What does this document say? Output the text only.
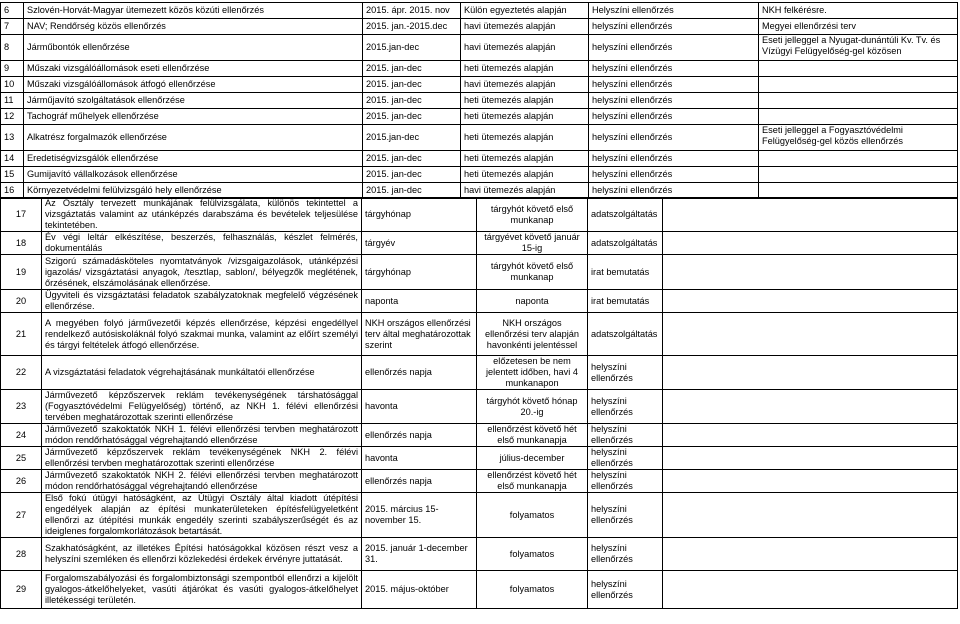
6	Szlovén-Horvát-Magyar ütemezett közös közúti ellenőrzés	2015. ápr. 2015. nov	Külön egyeztetés alapján	Helyszíni ellenőrzés	NKH felkérésre.
7	NAV; Rendőrség közös ellenőrzés	2015. jan.-2015.dec	havi ütemezés alapján	helyszíni ellenőrzés	Megyei ellenőrzési terv
8	Járműbontók ellenőrzése	2015.jan-dec	havi ütemezés alapján	helyszíni ellenőrzés	Eseti jelleggel a Nyugat-dunántúli Kv. Tv. és Vízügyi Felügyelőség-gel közösen
9	Műszaki vizsgálóállomások eseti ellenőrzése	2015. jan-dec	heti ütemezés alapján	helyszíni ellenőrzés	
10	Műszaki vizsgálóállomások átfogó ellenőrzése	2015. jan-dec	havi ütemezés alapján	helyszíni ellenőrzés	
11	Járműjavító szolgáltatások ellenőrzése	2015. jan-dec	heti ütemezés alapján	helyszíni ellenőrzés	
12	Tachográf műhelyek ellenőrzése	2015. jan-dec	heti ütemezés alapján	helyszíni ellenőrzés	
13	Alkatrész forgalmazók ellenőrzése	2015.jan-dec	heti ütemezés alapján	helyszíni ellenőrzés	Eseti jelleggel a Fogyasztóvédelmi Felügyelőség-gel közös ellenőrzés
14	Eredetiségvizsgálók ellenőrzése	2015. jan-dec	heti ütemezés alapján	helyszíni ellenőrzés	
15	Gumijavító vállalkozások ellenőrzése	2015. jan-dec	heti ütemezés alapján	helyszíni ellenőrzés	
16	Környezetvédelmi felülvizsgáló hely ellenőrzése	2015. jan-dec	havi ütemezés alapján	helyszíni ellenőrzés	
17	Az Osztály tervezett munkájának felülvizsgálata, különös tekintettel a vizsgáztatás valamint az utánképzés darabszáma és bevételek teljesülése tekintetében.	tárgyhónap	tárgyhót követő első munkanap	adatszolgáltatás	
18	Év végi leltár elkészítése, beszerzés, felhasználás, készlet felmérés, dokumentálás	tárgyév	tárgyévet követő január 15-ig	adatszolgáltatás	
19	Szigorú számadásköteles nyomtatványok /vizsgaigazolások, utánképzési igazolás/ vizsgáztatási anyagok, /tesztlap, sablon/, bélyegzők meglétének, őrzésének, elszámolásának ellenőrzése.	tárgyhónap	tárgyhót követő első munkanap	irat bemutatás	
20	Ügyviteli és vizsgáztatási feladatok szabályzatoknak megfelelő végzésének ellenőrzése.	naponta	naponta	irat bemutatás	
21	A megyében folyó járművezetői képzés ellenőrzése, képzési engedéllyel rendelkező autósiskoláknál folyó szakmai munka, valamint az előírt személyi és tárgyi feltételek átfogó ellenőrzése.	NKH országos ellenőrzési terv által meghatározottak szerint	NKH országos ellenőrzési terv alapján havonkénti jelentéssel	adatszolgáltatás	
22	A vizsgáztatási feladatok végrehajtásának munkáltatói ellenőrzése	ellenőrzés napja	előzetesen be nem jelentett időben, havi 4 munkanapon	helyszíni ellenőrzés	
23	Járművezető képzőszervek reklám tevékenységének társhatósággal (Fogyasztóvédelmi Felügyelőség) történő, az NKH 1. félévi ellenőrzési tervében meghatározottak szerinti ellenőrzése	havonta	tárgyhót követő hónap 20.-ig	helyszíni ellenőrzés	
24	Járművezető szakoktatók NKH 1. félévi ellenőrzési tervben meghatározott módon rendőrhatósággal végrehajtandó ellenőrzése	ellenőrzés napja	ellenőrzést követő hét első munkanapja	helyszíni ellenőrzés	
25	Járművezető képzőszervek reklám tevékenységének NKH 2. félévi ellenőrzési tervben meghatározottak szerinti ellenőrzése	havonta	július-december	helyszíni ellenőrzés	
26	Járművezető szakoktatók NKH 2. félévi ellenőrzési tervben meghatározott módon rendőrhatósággal végrehajtandó ellenőrzése	ellenőrzés napja	ellenőrzést követő hét első munkanapja	helyszíni ellenőrzés	
27	Első fokú útügyi hatóságként, az Útügyi Osztály által kiadott útépítési engedélyek alapján az építési munkaterületeken építésfelügyeletként ellenőrzi az útépítési munkák engedély szerinti szabályszerűségét és az ideiglenes forgalomkorlátozások betartását.	2015. március 15-november 15.	folyamatos	helyszíni ellenőrzés	
28	Szakhatóságként, az illetékes Építési hatóságokkal közösen részt vesz a helyszíni szemléken és ellenőrzi közlekedési érdekek érvényre juttatását.	2015. január 1-december 31.	folyamatos	helyszíni ellenőrzés	
29	Forgalomszabályozási és forgalombiztonsági szempontból ellenőrzi a kijelölt gyalogos-átkelőhelyeket, vasúti átjárókat és vasúti gyalogos-átkelőhelyet illetékességi területén.	2015. május-október	folyamatos	helyszíni ellenőrzés	
